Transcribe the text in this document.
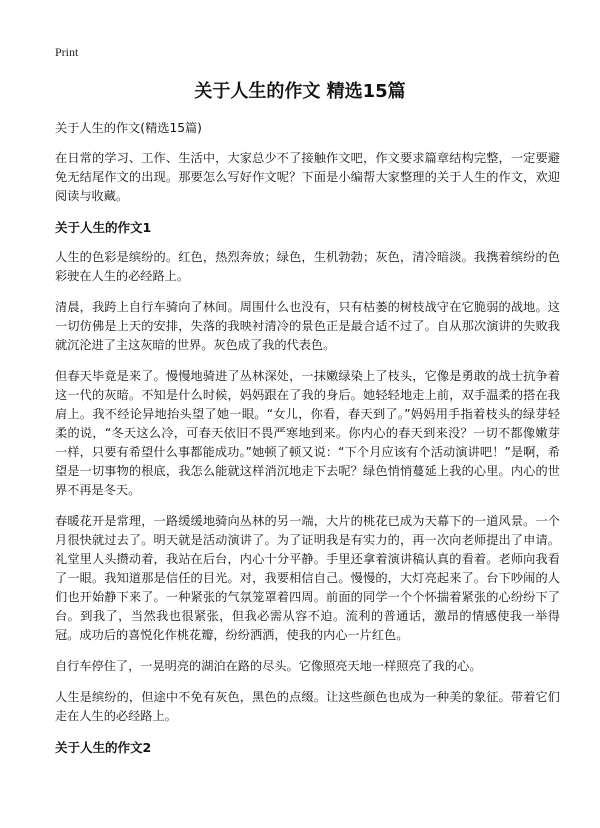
Print
关于人生的作文 精选15篇

关于人生的作文(精选15篇)

在日常的学习、工作、生活中，大家总少不了接触作文吧，作文要求篇章结构完整，一定要避免无结尾作文的出现。那要怎么写好作文呢？下面是小编帮大家整理的关于人生的作文，欢迎阅读与收藏。

关于人生的作文1

人生的色彩是缤纷的。红色，热烈奔放；绿色，生机勃勃；灰色，清冷暗淡。我携着缤纷的色彩驶在人生的必经路上。

清晨，我跨上自行车骑向了林间。周围什么也没有，只有枯萎的树枝战守在它脆弱的战地。这一切仿佛是上天的安排，失落的我映衬清冷的景色正是最合适不过了。自从那次演讲的失败我就沉沦进了主这灰暗的世界。灰色成了我的代表色。

但春天毕竟是来了。慢慢地骑进了丛林深处，一抹嫩绿染上了枝头，它像是勇敢的战士抗争着这一代的灰暗。不知是什么时候，妈妈跟在了我的身后。她轻轻地走上前，双手温柔的搭在我肩上。我不经论异地抬头望了她一眼。“女儿，你看，春天到了。”妈妈用手指着枝头的绿芽轻柔的说，“冬天这么冷，可春天依旧不畏严寒地到来。你内心的春天到来没？一切不都像嫩芽一样，只要有希望什么事都能成功。”她顿了顿又说：“下个月应该有个活动演讲吧！”是啊，希望是一切事物的根底，我怎么能就这样消沉地走下去呢？绿色悄悄蔓延上我的心里。内心的世界不再是冬天。

春暖花开是常理，一路缓缓地骑向丛林的另一端，大片的桃花已成为天幕下的一道风景。一个月很快就过去了。明天就是活动演讲了。为了证明我是有实力的，再一次向老师提出了申请。礼堂里人头攒动着，我站在后台，内心十分平静。手里还拿着演讲稿认真的看着。老师向我看了一眼。我知道那是信任的目光。对，我要相信自己。慢慢的，大灯亮起来了。台下吵闹的人们也开始静下来了。一种紧张的气氛笼罩着四周。前面的同学一个个怀揣着紧张的心纷纷下了台。到我了，当然我也很紧张，但我必需从容不迫。流利的普通话，激昂的情感使我一举得冠。成功后的喜悦化作桃花瓣，纷纷洒洒，使我的内心一片红色。

自行车停住了，一晃明亮的湖泊在路的尽头。它像照亮天地一样照亮了我的心。

人生是缤纷的，但途中不免有灰色，黑色的点缀。让这些颜色也成为一种美的象征。带着它们走在人生的必经路上。

关于人生的作文2
